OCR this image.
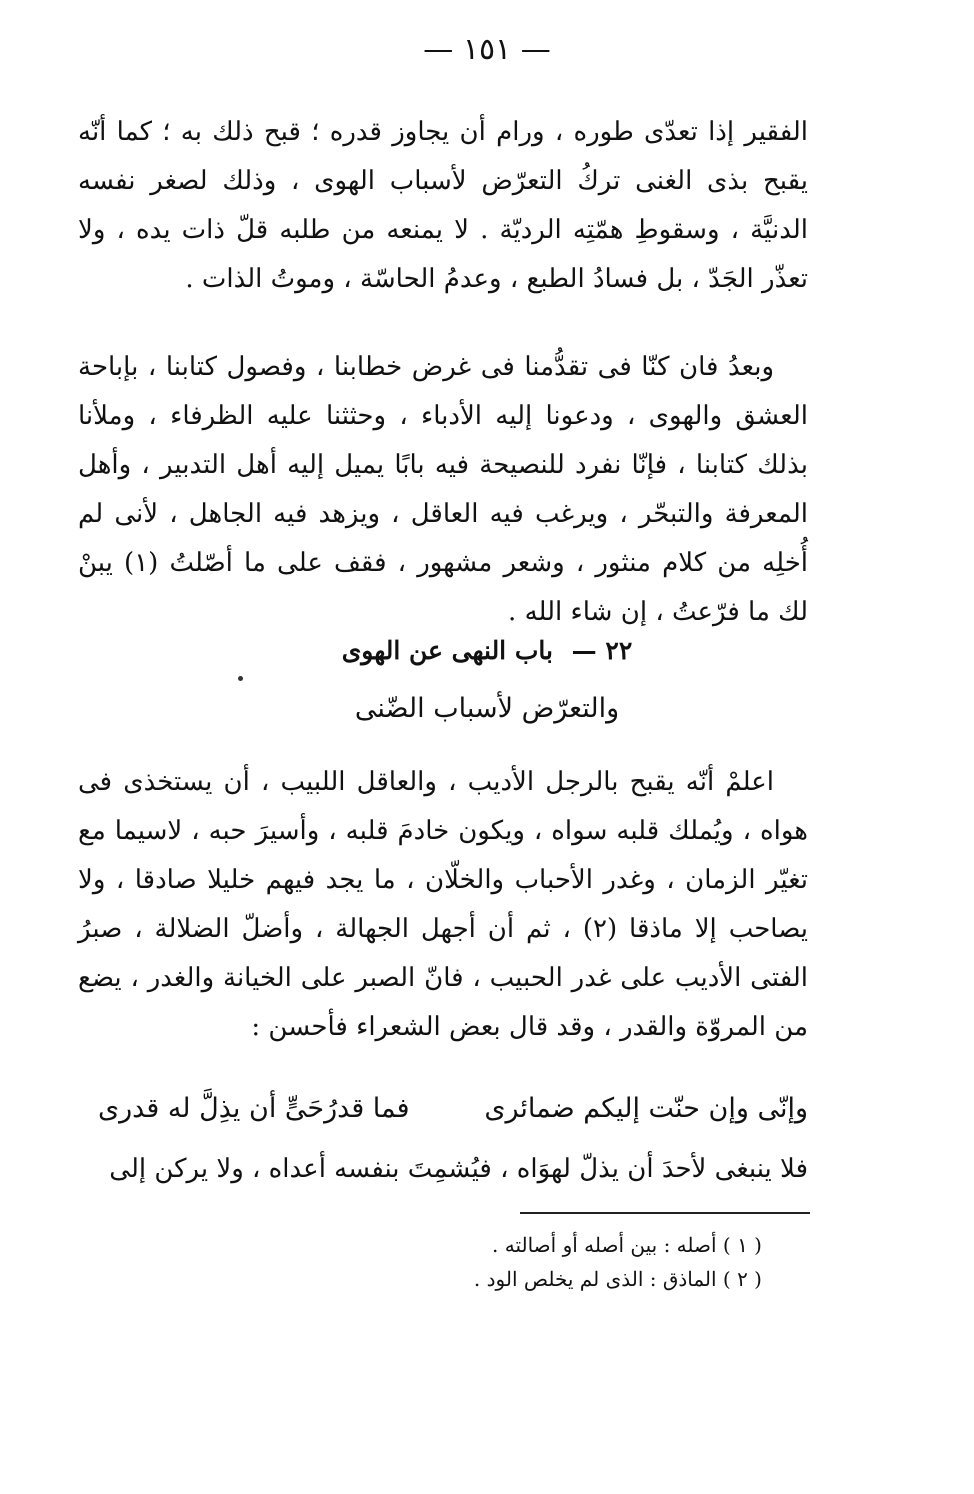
— ١٥١ —

الفقير إذا تعدّى طوره ، ورام أن يجاوز قدره ؛ قبح ذلك به ؛ كما أنّه يقبح بذى الغنى تركُ التعرّض لأسباب الهوى ، وذلك لصغر نفسه الدنيَّة ، وسقوطِ همّتِه الرديّة . لا يمنعه من طلبه قلّ ذات يده ، ولا تعذّر الجَدّ ، بل فسادُ الطبع ، وعدمُ الحاسّة ، وموتُ الذات .

وبعدُ فان كنّا فى تقدُّمنا فى غرض خطابنا ، وفصول كتابنا ، بإباحة العشق والهوى ، ودعونا إليه الأدباء ، وحثثنا عليه الظرفاء ، وملأنا بذلك كتابنا ، فإنّا نفرد للنصيحة فيه بابًا يميل إليه أهل التدبير ، وأهل المعرفة والتبحّر ، ويرغب فيه العاقل ، ويزهد فيه الجاهل ، لأنى لم أُخلِه من كلام منثور ، وشعر مشهور ، فقف على ما أصّلتُ (١) يبنْ لك ما فرّعتُ ، إن شاء الله .

٢٢ — باب النهى عن الهوى
والتعرّض لأسباب الضّنى

اعلمْ أنّه يقبح بالرجل الأديب ، والعاقل اللبيب ، أن يستخذى فى هواه ، ويُملك قلبه سواه ، ويكون خادمَ قلبه ، وأسيرَ حبه ، لاسيما مع تغيّر الزمان ، وغدر الأحباب والخلّان ، ما يجد فيهم خليلا صادقا ، ولا يصاحب إلا ماذقا (٢) ، ثم أن أجهل الجهالة ، وأضلّ الضلالة ، صبرُ الفتى الأديب على غدر الحبيب ، فانّ الصبر على الخيانة والغدر ، يضع من المروّة والقدر ، وقد قال بعض الشعراء فأحسن :

وإنّى وإن حنّت إليكم ضمائرى
فما قدرُحَىٍّ أن يذِلَّ له قدرى

فلا ينبغى لأحدَ أن يذلّ لهوَاه ، فيُشمِتَ بنفسه أعداه ، ولا يركن إلى

( ١ ) أصله : بين أصله أو أصالته .
( ٢ ) الماذق : الذى لم يخلص الود .
